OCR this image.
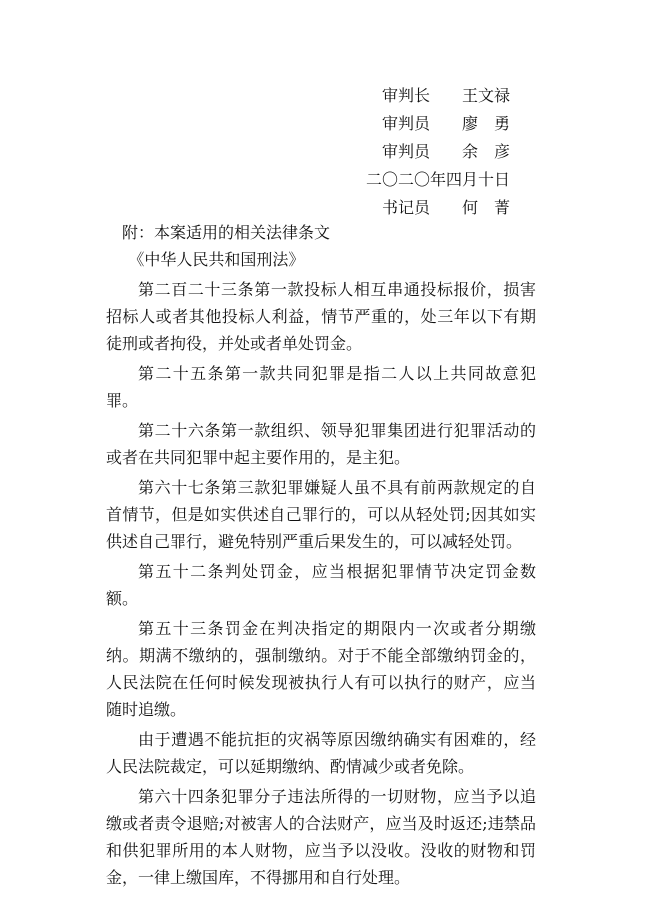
审判长 王文禄
审判员 廖　勇
审判员 余　彦
二〇二〇年四月十日
书记员 何　菁

附：本案适用的相关法律条文

《中华人民共和国刑法》

第二百二十三条第一款投标人相互串通投标报价，损害招标人或者其他投标人利益，情节严重的，处三年以下有期徒刑或者拘役，并处或者单处罚金。

第二十五条第一款共同犯罪是指二人以上共同故意犯罪。

第二十六条第一款组织、领导犯罪集团进行犯罪活动的或者在共同犯罪中起主要作用的，是主犯。

第六十七条第三款犯罪嫌疑人虽不具有前两款规定的自首情节，但是如实供述自己罪行的，可以从轻处罚;因其如实供述自己罪行，避免特别严重后果发生的，可以减轻处罚。

第五十二条判处罚金，应当根据犯罪情节决定罚金数额。

第五十三条罚金在判决指定的期限内一次或者分期缴纳。期满不缴纳的，强制缴纳。对于不能全部缴纳罚金的，人民法院在任何时候发现被执行人有可以执行的财产，应当随时追缴。

由于遭遇不能抗拒的灾祸等原因缴纳确实有困难的，经人民法院裁定，可以延期缴纳、酌情减少或者免除。

第六十四条犯罪分子违法所得的一切财物，应当予以追缴或者责令退赔;对被害人的合法财产，应当及时返还;违禁品和供犯罪所用的本人财物，应当予以没收。没收的财物和罚金，一律上缴国库，不得挪用和自行处理。
